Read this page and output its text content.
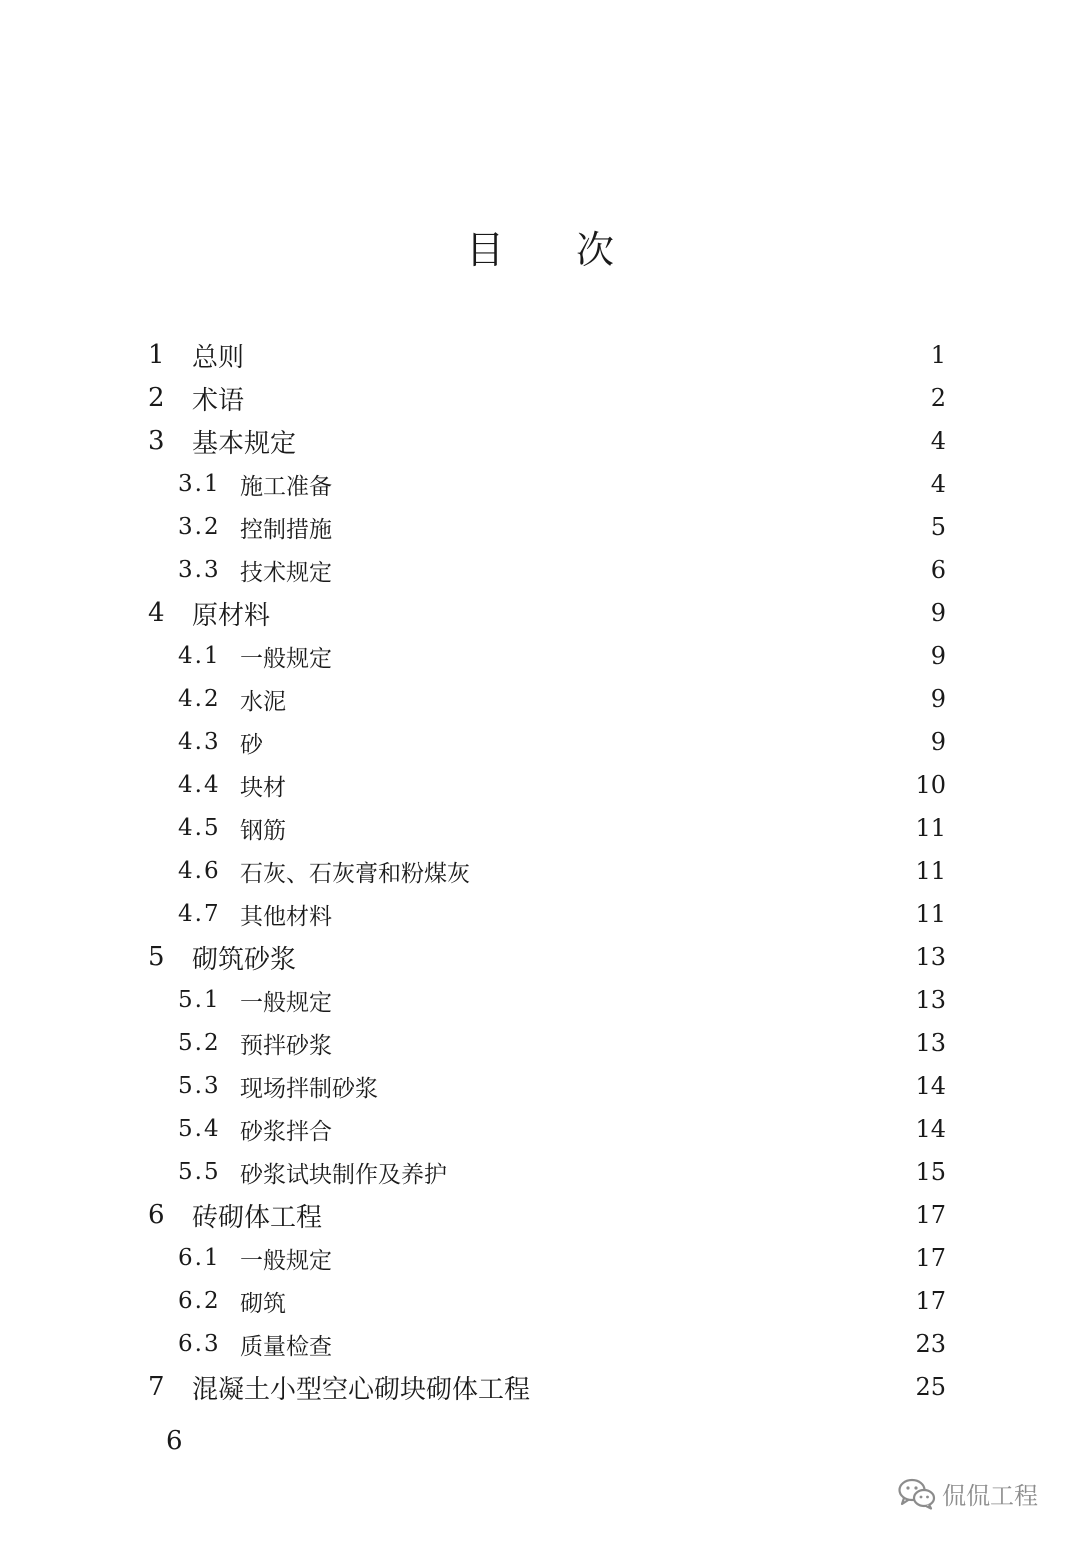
目 次
1	总则	1
2	术语	2
3	基本规定	4
3.1 施工准备	4
3.2 控制措施	5
3.3 技术规定	6
4	原材料	9
4.1 一般规定	9
4.2 水泥	9
4.3 砂	9
4.4 块材	10
4.5 钢筋	11
4.6 石灰、石灰膏和粉煤灰	11
4.7 其他材料	11
5	砌筑砂浆	13
5.1 一般规定	13
5.2 预拌砂浆	13
5.3 现场拌制砂浆	14
5.4 砂浆拌合	14
5.5 砂浆试块制作及养护	15
6	砖砌体工程	17
6.1 一般规定	17
6.2 砌筑	17
6.3 质量检查	23
7	混凝土小型空心砌块砌体工程	25
6
侃侃工程
